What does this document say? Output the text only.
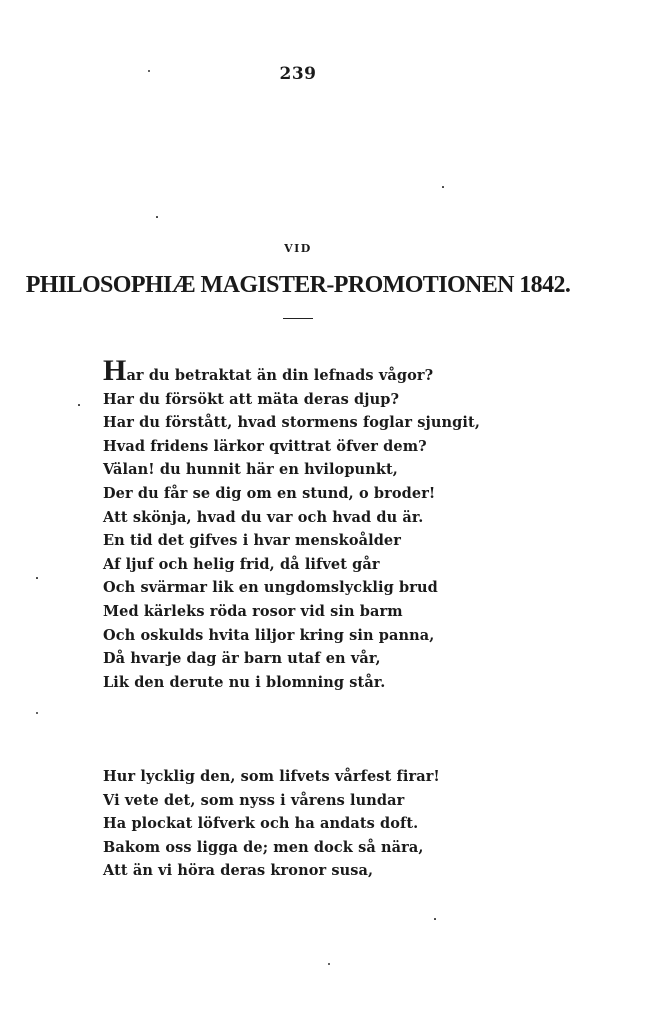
239
VID
PHILOSOPHIÆ MAGISTER-PROMOTIONEN 1842.
Har du betraktat än din lefnads vågor?
Har du försökt att mäta deras djup?
Har du förstått, hvad stormens foglar sjungit,
Hvad fridens lärkor qvittrat öfver dem?
Välan! du hunnit här en hvilopunkt,
Der du får se dig om en stund, o broder!
Att skönja, hvad du var och hvad du är.
En tid det gifves i hvar menskoålder
Af ljuf och helig frid, då lifvet går
Och svärmar lik en ungdomslycklig brud
Med kärleks röda rosor vid sin barm
Och oskulds hvita liljor kring sin panna,
Då hvarje dag är barn utaf en vår,
Lik den derute nu i blomning står.
Hur lycklig den, som lifvets vårfest firar!
Vi vete det, som nyss i vårens lundar
Ha plockat löfverk och ha andats doft.
Bakom oss ligga de; men dock så nära,
Att än vi höra deras kronor susa,
